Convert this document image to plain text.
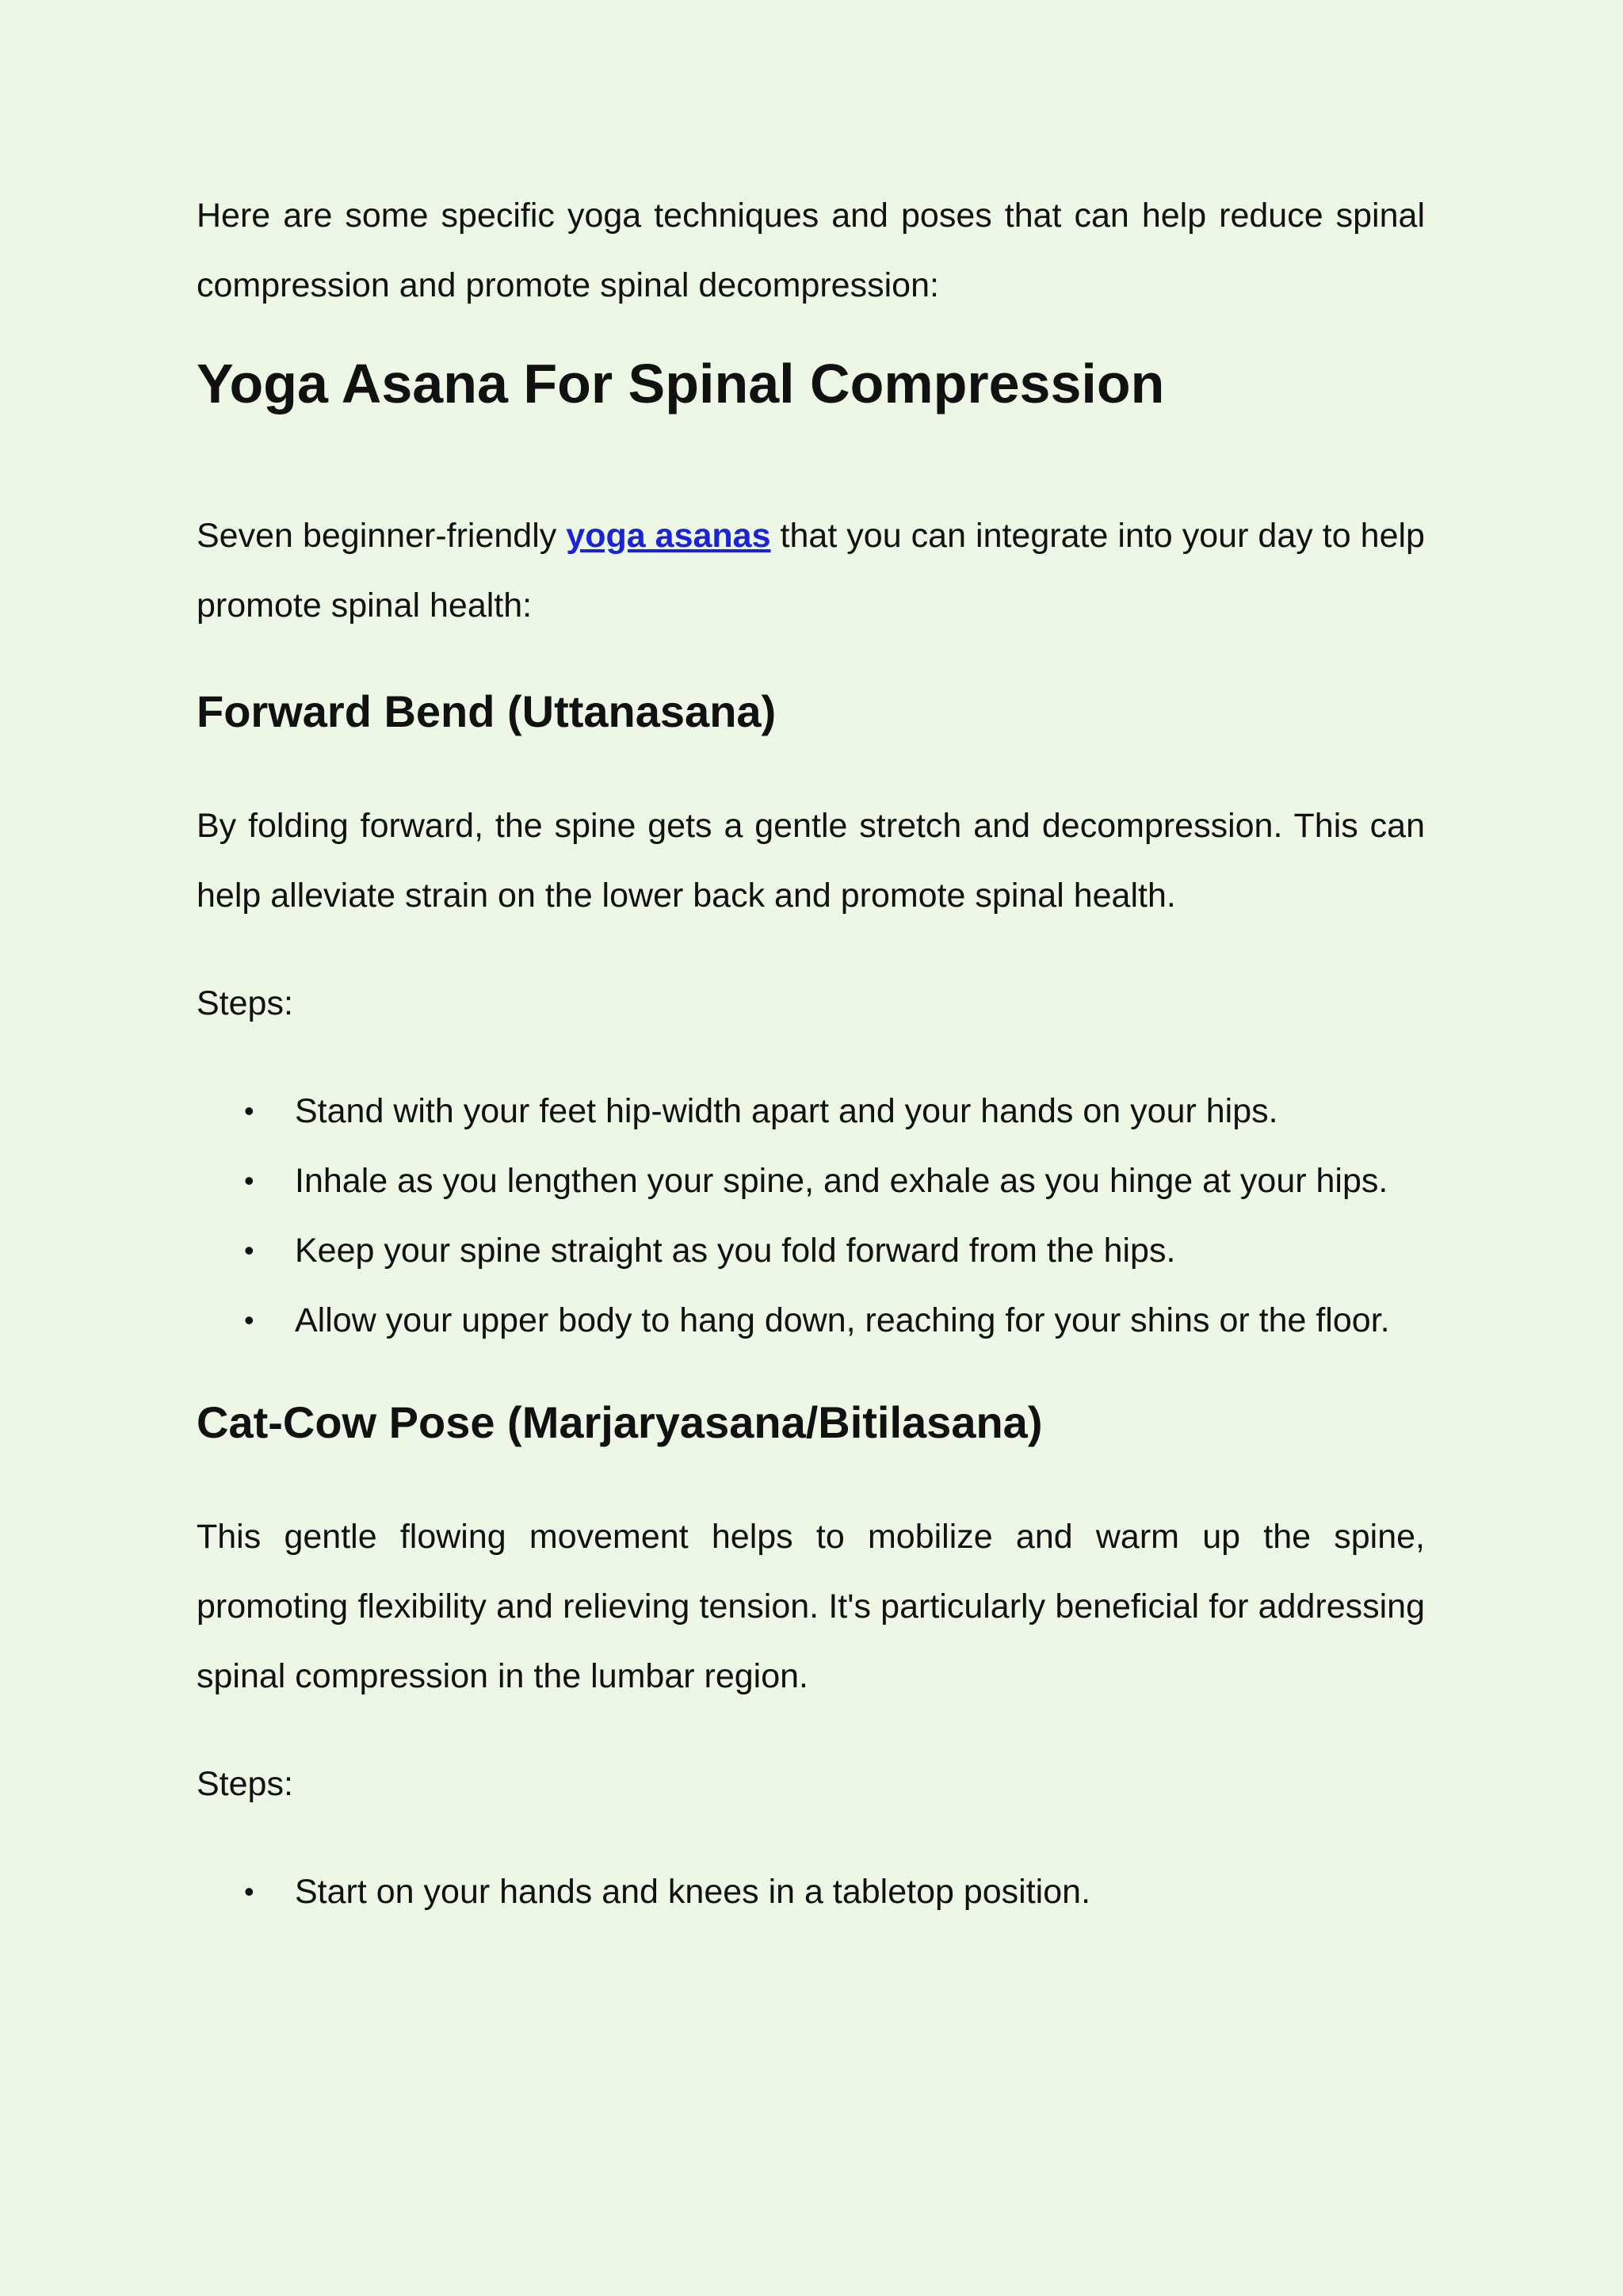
Here are some specific yoga techniques and poses that can help reduce spinal compression and promote spinal decompression:

Yoga Asana For Spinal Compression

Seven beginner-friendly yoga asanas that you can integrate into your day to help promote spinal health:

Forward Bend (Uttanasana)

By folding forward, the spine gets a gentle stretch and decompression. This can help alleviate strain on the lower back and promote spinal health.

Steps:

• Stand with your feet hip-width apart and your hands on your hips.
• Inhale as you lengthen your spine, and exhale as you hinge at your hips.
• Keep your spine straight as you fold forward from the hips.
• Allow your upper body to hang down, reaching for your shins or the floor.
Cat-Cow Pose (Marjaryasana/Bitilasana)

This gentle flowing movement helps to mobilize and warm up the spine, promoting flexibility and relieving tension. It's particularly beneficial for addressing spinal compression in the lumbar region.

Steps:

• Start on your hands and knees in a tabletop position.
